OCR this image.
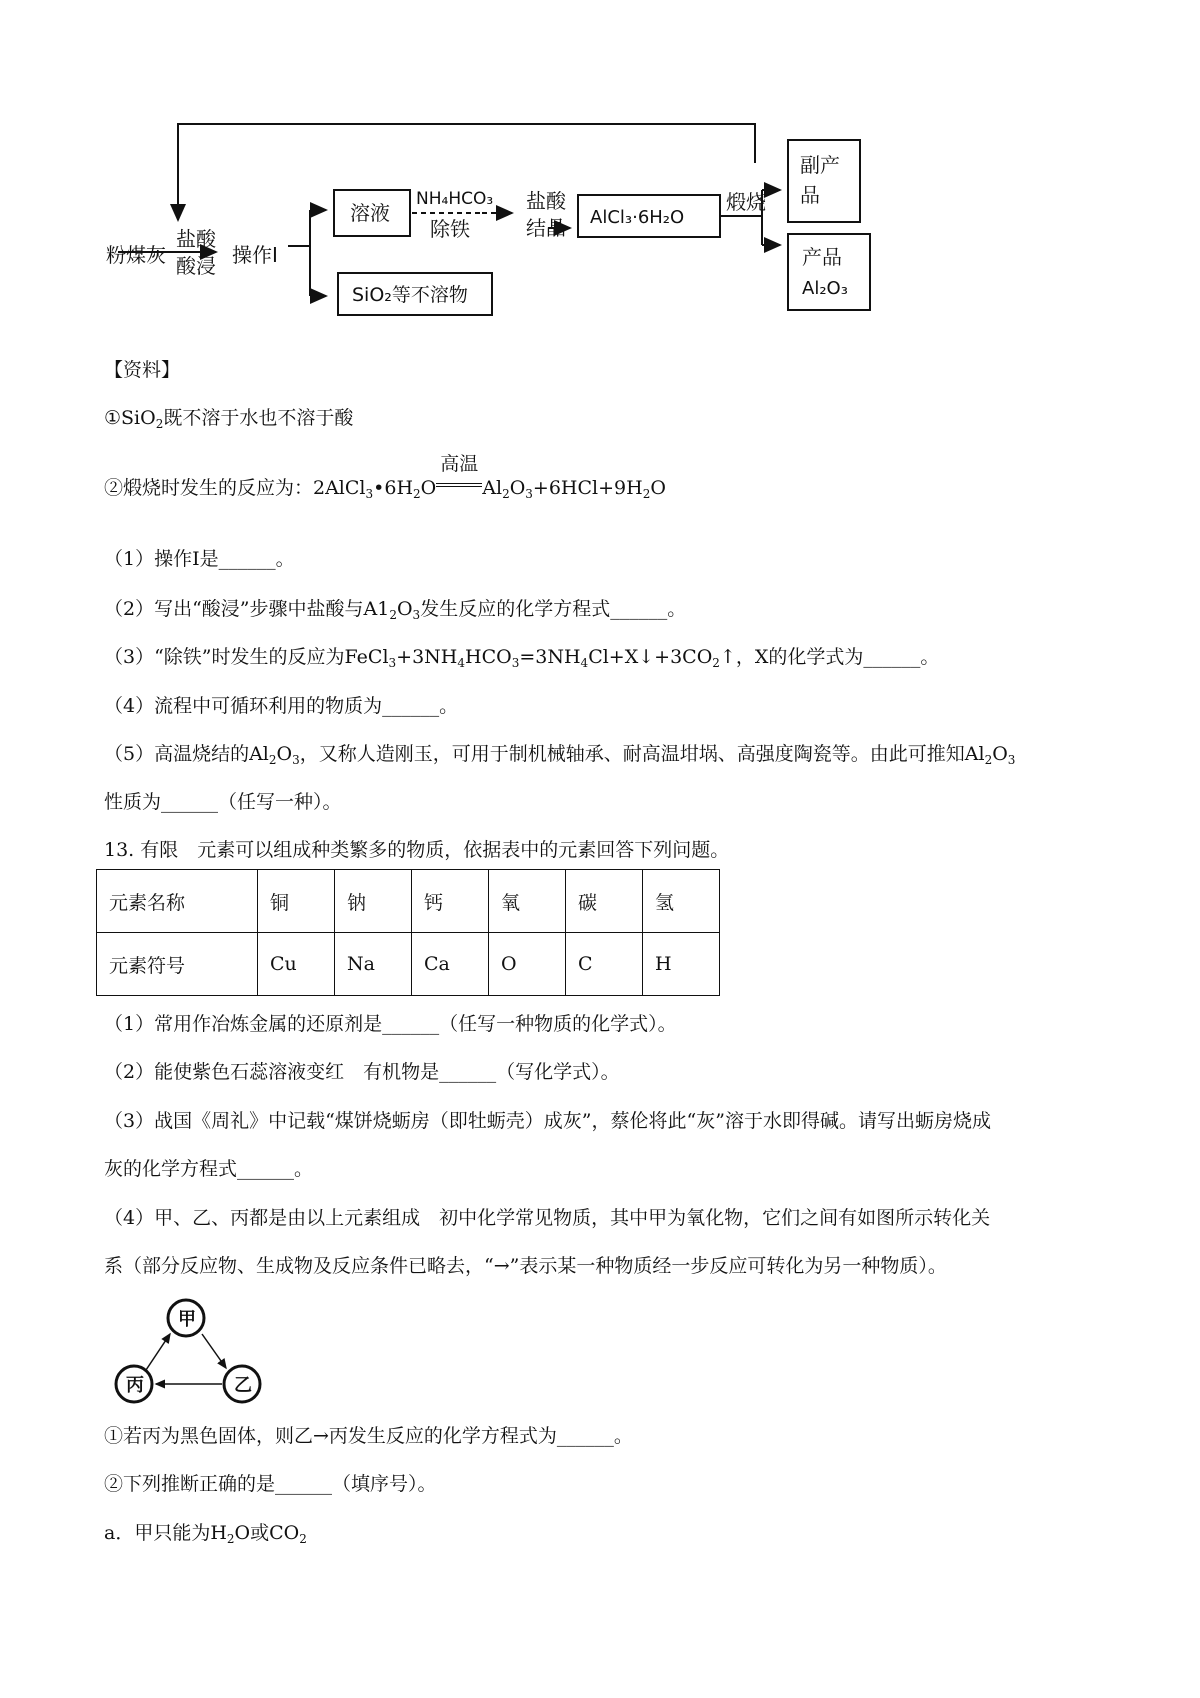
粉煤灰
盐酸
酸浸 操作I
溶液
SiO₂等不溶物
NH₄HCO₃
除铁
盐酸
结晶 AlCl₃·6H₂O
煅烧
副产
品
产品
Al₂O₃
【资料】
①SiO$_2$既不溶于水也不溶于酸
②煅烧时发生的反应为：$2AlCl_3•6H_2O$
高温
$Al_2O_3+6HCl+9H_2O$
（1）操作Ⅰ是______。
（2）写出“酸浸”步骤中盐酸与$A1_2O_3$发生反应的化学方程式______。
（3）“除铁”时发生的反应为$FeCl_3+3NH_4HCO_3=3NH_4Cl+X↓+3CO_2↑$，X的化学式为______。
（4）流程中可循环利用的物质为______。
（5）高温烧结的$Al_2O_3$，又称人造刚玉，可用于制机械轴承、耐高温坩埚、高强度陶瓷等。由此可推知$Al_2O_3$
性质为______（任写一种）。
13. 有限　元素可以组成种类繁多的物质，依据表中的元素回答下列问题。
元素名称	铜	钠	钙	氧	碳	氢
元素符号	Cu	Na	Ca	O	C	H
（1）常用作冶炼金属的还原剂是______（任写一种物质的化学式）。
（2）能使紫色石蕊溶液变红　有机物是______（写化学式）。
（3）战国《周礼》中记载“煤饼烧蛎房（即牡蛎壳）成灰”，蔡伦将此“灰”溶于水即得碱。请写出蛎房烧成
灰的化学方程式______。
（4）甲、乙、丙都是由以上元素组成　初中化学常见物质，其中甲为氧化物，它们之间有如图所示转化关
系（部分反应物、生成物及反应条件已略去，“→”表示某一种物质经一步反应可转化为另一种物质）。
甲
丙	乙
①若丙为黑色固体，则乙→丙发生反应的化学方程式为______。
②下列推断正确的是______（填序号）。
a．甲只能为$H_2O$或$CO_2$
